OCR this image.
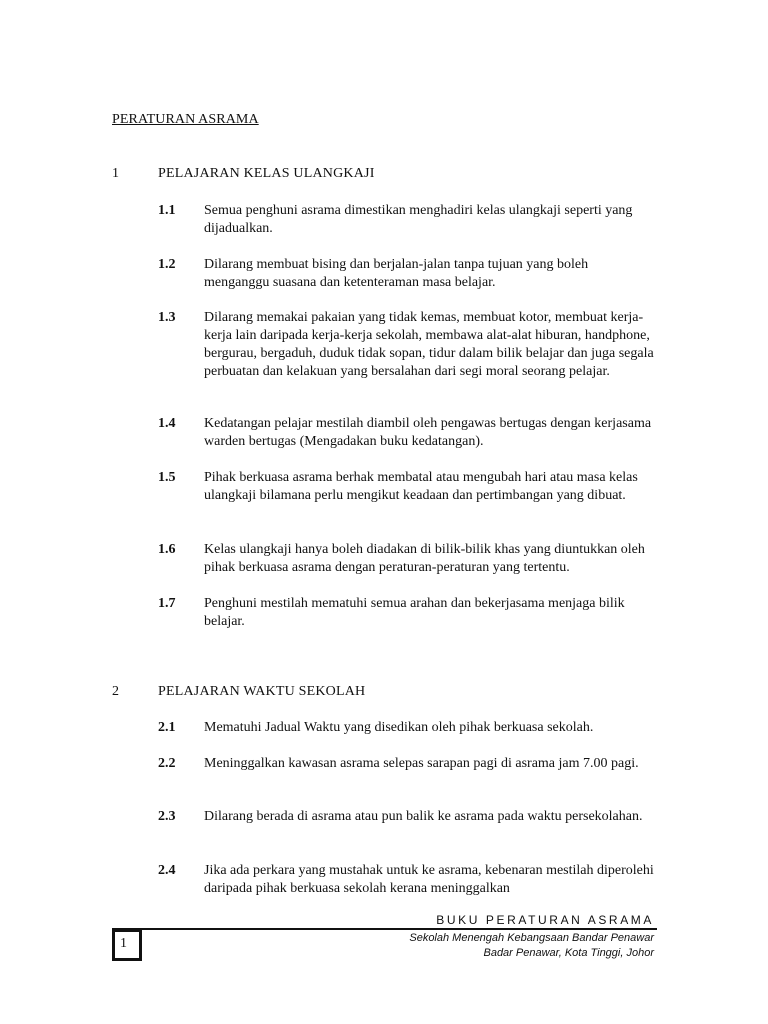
PERATURAN ASRAMA
1	PELAJARAN KELAS ULANGKAJI
1.1 Semua penghuni asrama dimestikan menghadiri kelas ulangkaji seperti yang dijadualkan.
1.2 Dilarang membuat bising dan berjalan-jalan tanpa tujuan yang boleh menganggu suasana dan ketenteraman masa belajar.
1.3 Dilarang memakai pakaian yang tidak kemas, membuat kotor, membuat kerja-kerja lain daripada kerja-kerja sekolah, membawa alat-alat hiburan, handphone, bergurau, bergaduh, duduk tidak sopan, tidur dalam bilik belajar dan juga segala perbuatan dan kelakuan yang bersalahan dari segi moral seorang pelajar.
1.4 Kedatangan pelajar mestilah diambil oleh pengawas bertugas dengan kerjasama warden bertugas (Mengadakan buku kedatangan).
1.5 Pihak berkuasa asrama berhak membatal atau mengubah hari atau masa kelas ulangkaji bilamana perlu mengikut keadaan dan pertimbangan yang dibuat.
1.6 Kelas ulangkaji hanya boleh diadakan di bilik-bilik khas yang diuntukkan oleh pihak berkuasa asrama dengan peraturan-peraturan yang tertentu.
1.7 Penghuni mestilah mematuhi semua arahan dan bekerjasama menjaga bilik belajar.
2	PELAJARAN WAKTU SEKOLAH
2.1 Mematuhi Jadual Waktu yang disedikan oleh pihak berkuasa sekolah.
2.2 Meninggalkan kawasan asrama selepas sarapan pagi di asrama jam 7.00 pagi.
2.3 Dilarang berada di asrama atau pun balik ke asrama pada waktu persekolahan.
2.4 Jika ada perkara yang mustahak untuk ke asrama, kebenaran mestilah diperolehi daripada pihak berkuasa sekolah kerana meninggalkan
BUKU PERATURAN ASRAMA
1	Sekolah Menengah Kebangsaan Bandar Penawar
Badar Penawar, Kota Tinggi, Johor
